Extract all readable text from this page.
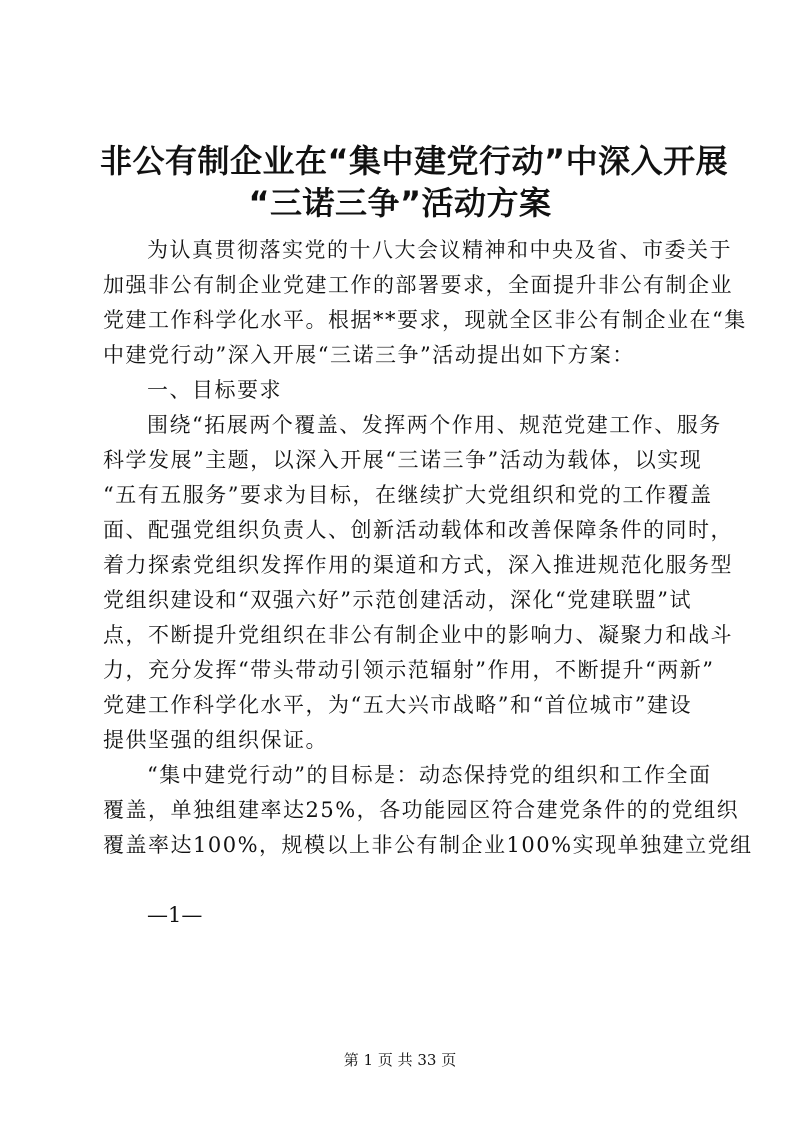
非公有制企业在“集中建党行动”中深入开展
“三诺三争”活动方案
为认真贯彻落实党的十八大会议精神和中央及省、市委关于
加强非公有制企业党建工作的部署要求，全面提升非公有制企业
党建工作科学化水平。根据**要求，现就全区非公有制企业在“集
中建党行动”深入开展“三诺三争”活动提出如下方案：
一、目标要求
围绕“拓展两个覆盖、发挥两个作用、规范党建工作、服务
科学发展”主题，以深入开展“三诺三争”活动为载体，以实现
“五有五服务”要求为目标，在继续扩大党组织和党的工作覆盖
面、配强党组织负责人、创新活动载体和改善保障条件的同时，
着力探索党组织发挥作用的渠道和方式，深入推进规范化服务型
党组织建设和“双强六好”示范创建活动，深化“党建联盟”试
点，不断提升党组织在非公有制企业中的影响力、凝聚力和战斗
力，充分发挥“带头带动引领示范辐射”作用，不断提升“两新”
党建工作科学化水平，为“五大兴市战略”和“首位城市”建设
提供坚强的组织保证。
“集中建党行动”的目标是：动态保持党的组织和工作全面
覆盖，单独组建率达25%，各功能园区符合建党条件的的党组织
覆盖率达100%，规模以上非公有制企业100%实现单独建立党组
—1—
第 1 页 共 33 页
